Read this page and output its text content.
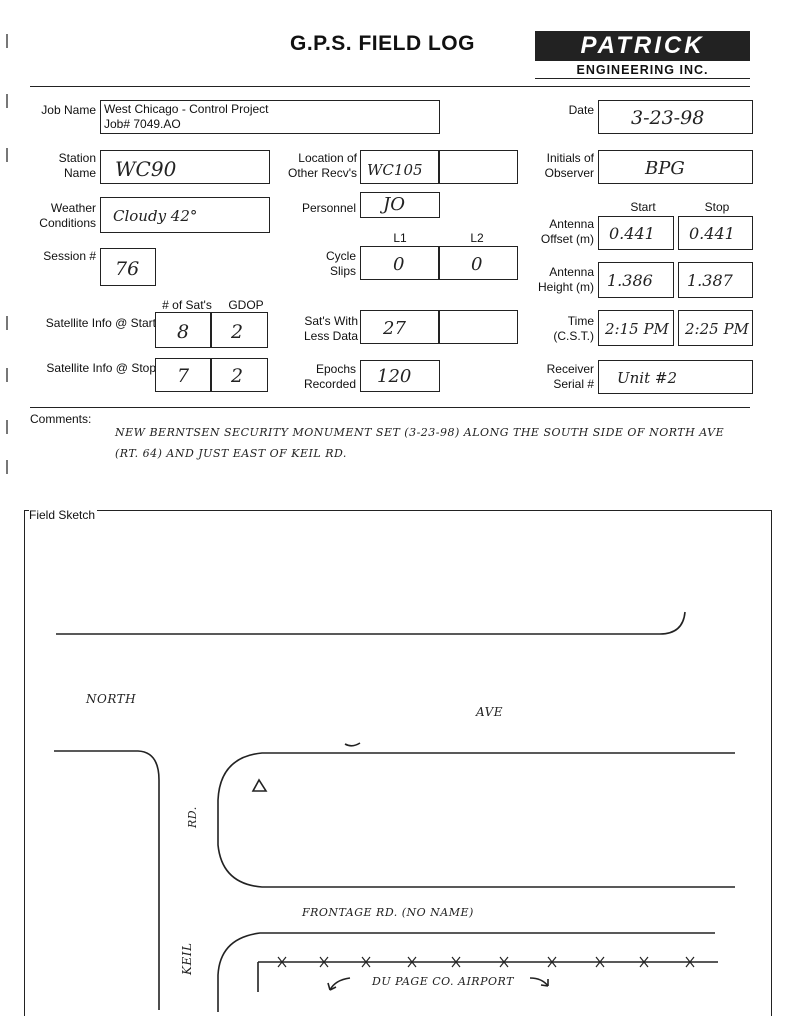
G.P.S. FIELD LOG	PATRICK
ENGINEERING INC.
Job Name West Chicago - Control Project
Job# 7049.AO
Date 3-23-98
Station
Name WC90	Location of
Other Recv's WC105
Initials of
Observer	BPG
Weather
Conditions Cloudy 42°	Personnel JO	Start	Stop
Antenna
Offset (m) 0.441 0.441
Session #
76
L1	L2
Cycle
Slips 0	0	Antenna
Height (m) 1.386 1.387
# of Sat's	GDOP
Satellite Info @ Start 8 2	Sat's With
Less Data 27	Time
(C.S.T.) 2:15 PM 2:25 PM
Satellite Info @ Stop 7 2	Epochs
Recorded 120	Receiver
Serial # Unit #2
Comments:
NEW BERNTSEN SECURITY MONUMENT SET (3-23-98) ALONG THE SOUTH SIDE OF NORTH AVE
(RT. 64) AND JUST EAST OF KEIL RD.
Field Sketch
NORTH
AVE
RD.
KEIL
FRONTAGE RD. (NO NAME)
DU PAGE CO. AIRPORT
